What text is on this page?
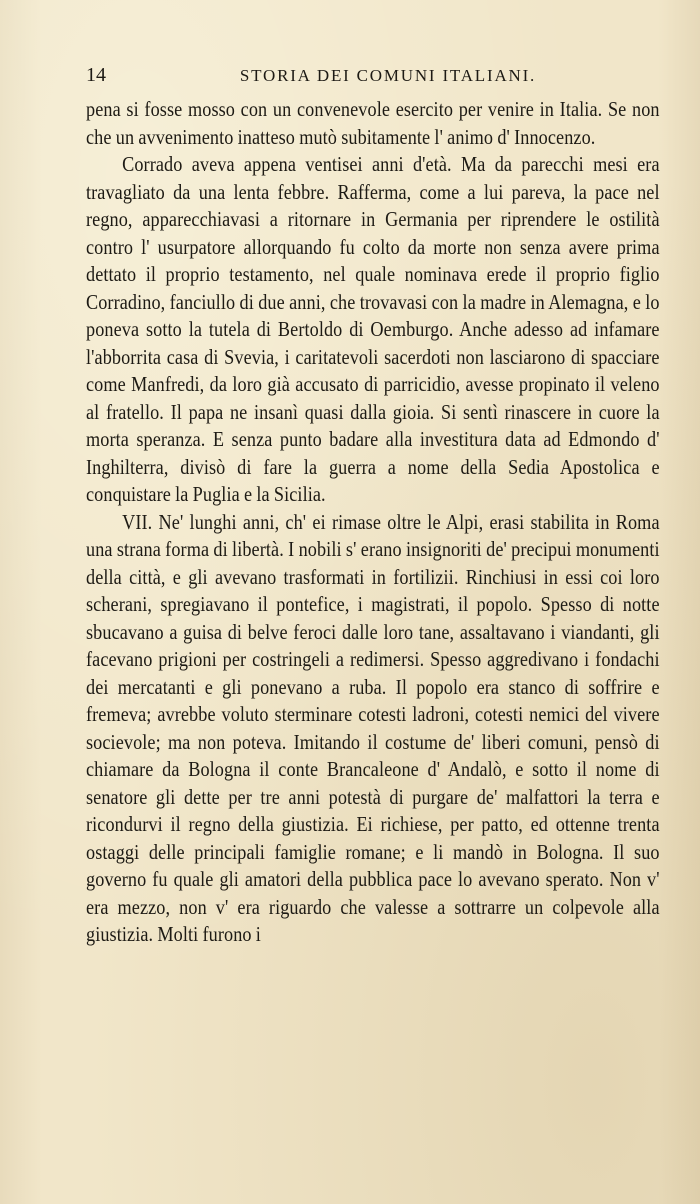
14	STORIA DEI COMUNI ITALIANI.

pena si fosse mosso con un convenevole esercito per venire in Italia. Se non che un avvenimento inatteso mutò subitamente l' animo d' Innocenzo.

Corrado aveva appena ventisei anni d'età. Ma da parecchi mesi era travagliato da una lenta febbre. Rafferma, come a lui pareva, la pace nel regno, apparecchiavasi a ritornare in Germania per riprendere le ostilità contro l' usurpatore allorquando fu colto da morte non senza avere prima dettato il proprio testamento, nel quale nominava erede il proprio figlio Corradino, fanciullo di due anni, che trovavasi con la madre in Alemagna, e lo poneva sotto la tutela di Bertoldo di Oemburgo. Anche adesso ad infamare l'abborrita casa di Svevia, i caritatevoli sacerdoti non lasciarono di spacciare come Manfredi, da loro già accusato di parricidio, avesse propinato il veleno al fratello. Il papa ne insanì quasi dalla gioia. Si sentì rinascere in cuore la morta speranza. E senza punto badare alla investitura data ad Edmondo d' Inghilterra, divisò di fare la guerra a nome della Sedia Apostolica e conquistare la Puglia e la Sicilia.

VII. Ne' lunghi anni, ch' ei rimase oltre le Alpi, erasi stabilita in Roma una strana forma di libertà. I nobili s' erano insignoriti de' precipui monumenti della città, e gli avevano trasformati in fortilizii. Rinchiusi in essi coi loro scherani, spregiavano il pontefice, i magistrati, il popolo. Spesso di notte sbucavano a guisa di belve feroci dalle loro tane, assaltavano i viandanti, gli facevano prigioni per costringeli a redimersi. Spesso aggredivano i fondachi dei mercatanti e gli ponevano a ruba. Il popolo era stanco di soffrire e fremeva; avrebbe voluto sterminare cotesti ladroni, cotesti nemici del vivere socievole; ma non poteva. Imitando il costume de' liberi comuni, pensò di chiamare da Bologna il conte Brancaleone d' Andalò, e sotto il nome di senatore gli dette per tre anni potestà di purgare de' malfattori la terra e ricondurvi il regno della giustizia. Ei richiese, per patto, ed ottenne trenta ostaggi delle principali famiglie romane; e li mandò in Bologna. Il suo governo fu quale gli amatori della pubblica pace lo avevano sperato. Non v' era mezzo, non v' era riguardo che valesse a sottrarre un colpevole alla giustizia. Molti furono i
